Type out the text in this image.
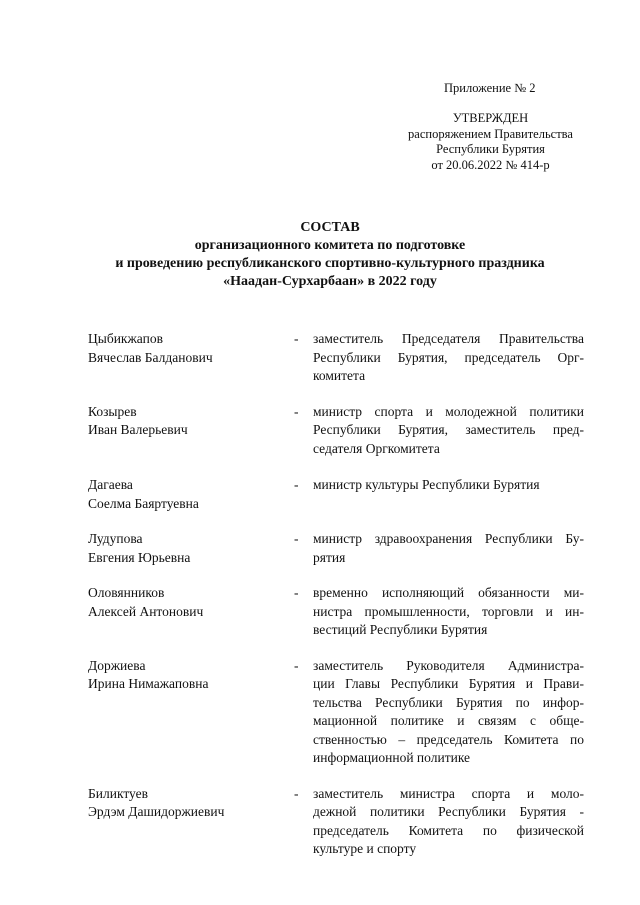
Приложение № 2
УТВЕРЖДЕН
распоряжением Правительства
Республики Бурятия
от 20.06.2022 № 414-р
СОСТАВ
организационного комитета по подготовке
и проведению республиканского спортивно-культурного праздника
«Наадан-Сурхарбаан» в 2022 году
Цыбикжапов
Вячеслав Балданович
-	заместитель Председателя Правительства
Республики Бурятия, председатель Орг-
комитета
Козырев
Иван Валерьевич
-	министр спорта и молодежной политики
Республики Бурятия, заместитель пред-
седателя Оргкомитета
Дагаева
Соелма Баяртуевна
-	министр культуры Республики Бурятия
Лудупова
Евгения Юрьевна
-	министр здравоохранения Республики Бу-
рятия
Оловянников
Алексей Антонович
-	временно исполняющий обязанности ми-
нистра промышленности, торговли и ин-
вестиций Республики Бурятия
Доржиева
Ирина Нимажаповна
-	заместитель Руководителя Администра-
ции Главы Республики Бурятия и Прави-
тельства Республики Бурятия по инфор-
мационной политике и связям с обще-
ственностью – председатель Комитета по
информационной политике
Биликтуев
Эрдэм Дашидоржиевич
-	заместитель министра спорта и моло-
дежной политики Республики Бурятия -
председатель Комитета по физической
культуре и спорту
